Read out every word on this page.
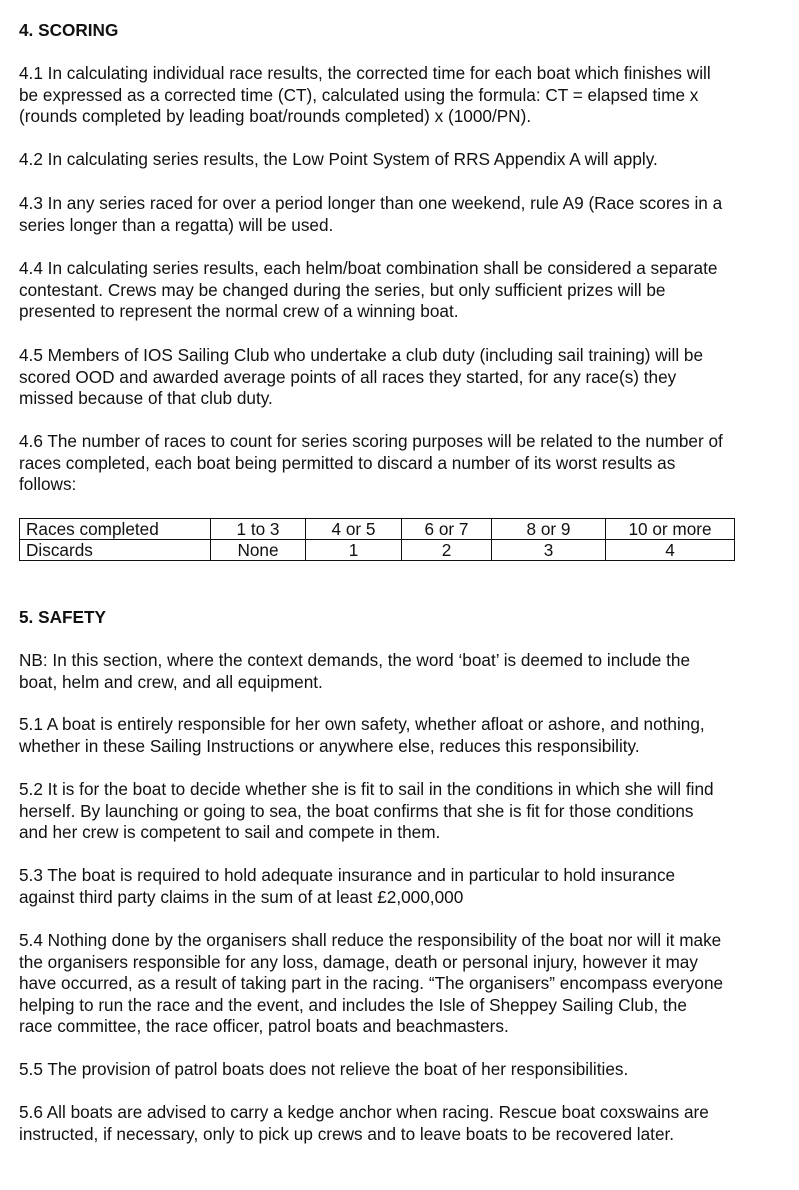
4. SCORING

4.1 In calculating individual race results, the corrected time for each boat which finishes will
be expressed as a corrected time (CT), calculated using the formula: CT = elapsed time x
(rounds completed by leading boat/rounds completed) x (1000/PN).

4.2 In calculating series results, the Low Point System of RRS Appendix A will apply.

4.3 In any series raced for over a period longer than one weekend, rule A9 (Race scores in a
series longer than a regatta) will be used.

4.4 In calculating series results, each helm/boat combination shall be considered a separate
contestant. Crews may be changed during the series, but only sufficient prizes will be
presented to represent the normal crew of a winning boat.

4.5 Members of IOS Sailing Club who undertake a club duty (including sail training) will be
scored OOD and awarded average points of all races they started, for any race(s) they
missed because of that club duty.

4.6 The number of races to count for series scoring purposes will be related to the number of
races completed, each boat being permitted to discard a number of its worst results as
follows:

Races completed	1 to 3	4 or 5	6 or 7	8 or 9	10 or more
Discards	None	1	2	3	4
5. SAFETY

NB: In this section, where the context demands, the word ‘boat’ is deemed to include the
boat, helm and crew, and all equipment.

5.1 A boat is entirely responsible for her own safety, whether afloat or ashore, and nothing,
whether in these Sailing Instructions or anywhere else, reduces this responsibility.

5.2 It is for the boat to decide whether she is fit to sail in the conditions in which she will find
herself. By launching or going to sea, the boat confirms that she is fit for those conditions
and her crew is competent to sail and compete in them.

5.3 The boat is required to hold adequate insurance and in particular to hold insurance
against third party claims in the sum of at least £2,000,000

5.4 Nothing done by the organisers shall reduce the responsibility of the boat nor will it make
the organisers responsible for any loss, damage, death or personal injury, however it may
have occurred, as a result of taking part in the racing. “The organisers” encompass everyone
helping to run the race and the event, and includes the Isle of Sheppey Sailing Club, the
race committee, the race officer, patrol boats and beachmasters.

5.5 The provision of patrol boats does not relieve the boat of her responsibilities.

5.6 All boats are advised to carry a kedge anchor when racing. Rescue boat coxswains are
instructed, if necessary, only to pick up crews and to leave boats to be recovered later.
